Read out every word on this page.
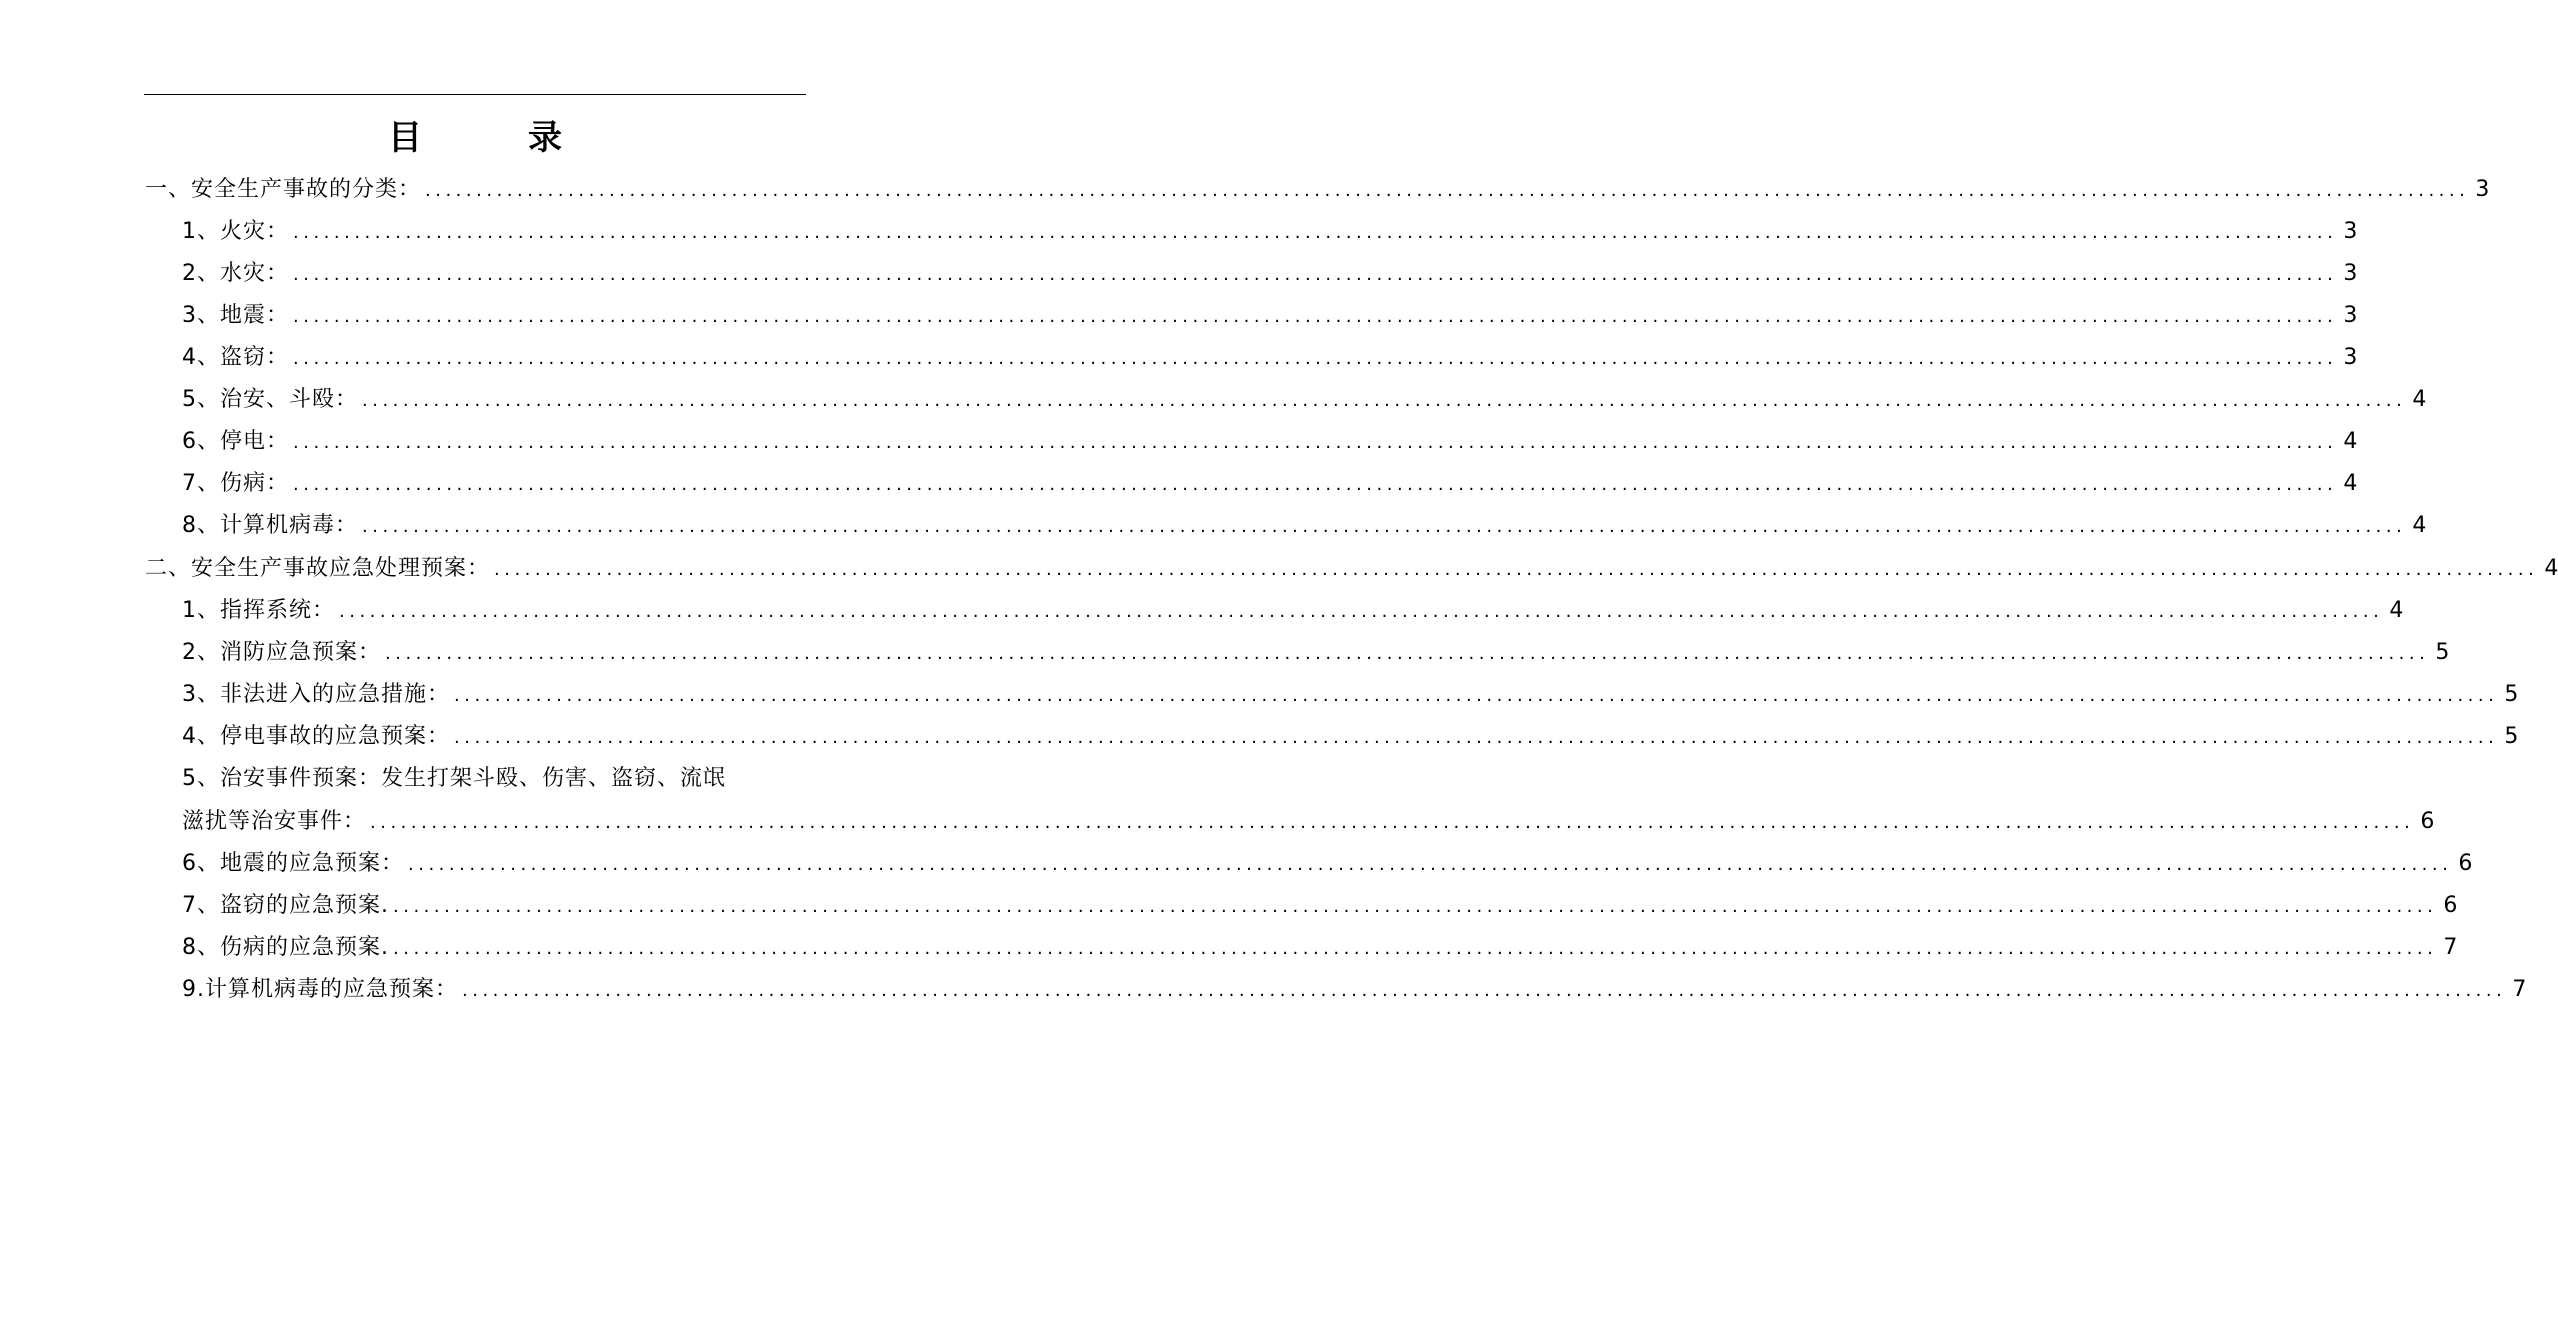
目　录
一、安全生产事故的分类： ........................................................................................................................................................................................................ 3
1、火灾： ........................................................................................................................................................................................................ 3
2、水灾： ........................................................................................................................................................................................................ 3
3、地震： ........................................................................................................................................................................................................ 3
4、盗窃： ........................................................................................................................................................................................................ 3
5、治安、斗殴： ........................................................................................................................................................................................................ 4
6、停电： ........................................................................................................................................................................................................ 4
7、伤病： ........................................................................................................................................................................................................ 4
8、计算机病毒： ........................................................................................................................................................................................................ 4
二、安全生产事故应急处理预案： ........................................................................................................................................................................................................ 4
1、指挥系统： ........................................................................................................................................................................................................ 4
2、消防应急预案： ........................................................................................................................................................................................................ 5
3、非法进入的应急措施： ........................................................................................................................................................................................................ 5
4、停电事故的应急预案： ........................................................................................................................................................................................................ 5
5、治安事件预案：发生打架斗殴、伤害、盗窃、流氓
滋扰等治安事件： ........................................................................................................................................................................................................ 6
6、地震的应急预案： ........................................................................................................................................................................................................ 6
7、盗窃的应急预案. ........................................................................................................................................................................................................ 6
8、伤病的应急预案. ........................................................................................................................................................................................................ 7
9.计算机病毒的应急预案： ........................................................................................................................................................................................................ 7
